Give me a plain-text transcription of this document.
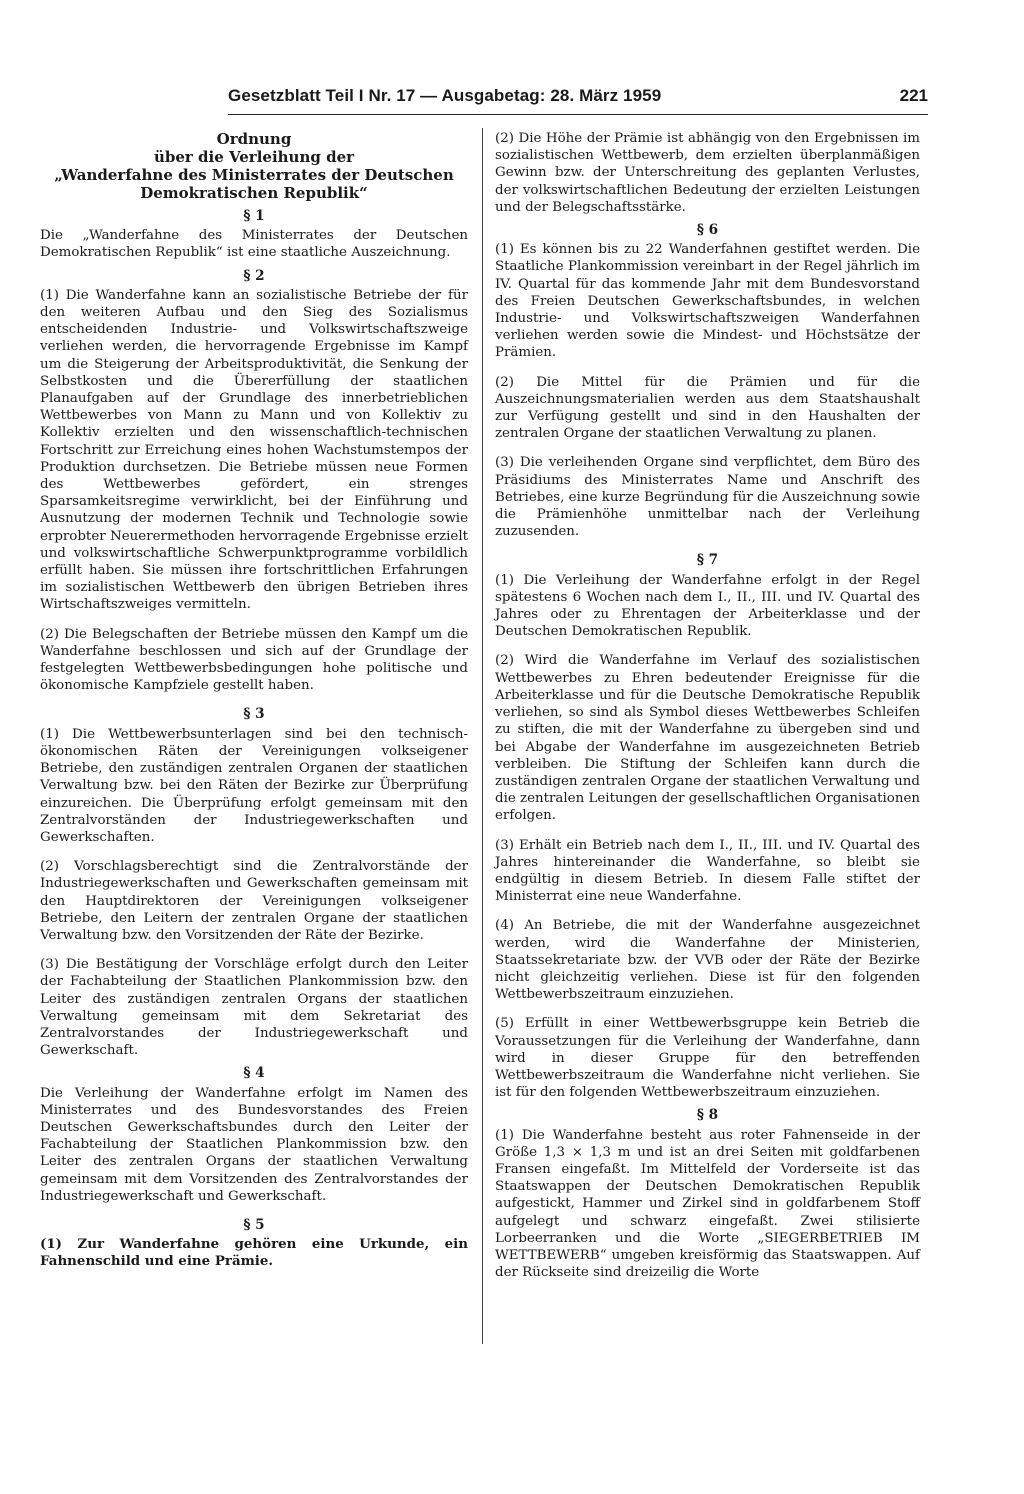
Gesetzblatt Teil I Nr. 17 — Ausgabetag: 28. März 1959	221
Ordnung
über die Verleihung der
„Wanderfahne des Ministerrates der Deutschen
Demokratischen Republik“
§ 1

Die „Wanderfahne des Ministerrates der Deutschen Demokratischen Republik“ ist eine staatliche Auszeichnung.

§ 2

(1) Die Wanderfahne kann an sozialistische Betriebe der für den weiteren Aufbau und den Sieg des Sozialismus entscheidenden Industrie- und Volkswirtschaftszweige verliehen werden, die hervorragende Ergebnisse im Kampf um die Steigerung der Arbeitsproduktivität, die Senkung der Selbstkosten und die Übererfüllung der staatlichen Planaufgaben auf der Grundlage des innerbetrieblichen Wettbewerbes von Mann zu Mann und von Kollektiv zu Kollektiv erzielten und den wissenschaftlich-technischen Fortschritt zur Erreichung eines hohen Wachstumstempos der Produktion durchsetzen. Die Betriebe müssen neue Formen des Wettbewerbes gefördert, ein strenges Sparsamkeitsregime verwirklicht, bei der Einführung und Ausnutzung der modernen Technik und Technologie sowie erprobter Neuerermethoden hervorragende Ergebnisse erzielt und volkswirtschaftliche Schwerpunktprogramme vorbildlich erfüllt haben. Sie müssen ihre fortschrittlichen Erfahrungen im sozialistischen Wettbewerb den übrigen Betrieben ihres Wirtschaftszweiges vermitteln.

(2) Die Belegschaften der Betriebe müssen den Kampf um die Wanderfahne beschlossen und sich auf der Grundlage der festgelegten Wettbewerbsbedingungen hohe politische und ökonomische Kampfziele gestellt haben.

§ 3

(1) Die Wettbewerbsunterlagen sind bei den technisch-ökonomischen Räten der Vereinigungen volkseigener Betriebe, den zuständigen zentralen Organen der staatlichen Verwaltung bzw. bei den Räten der Bezirke zur Überprüfung einzureichen. Die Überprüfung erfolgt gemeinsam mit den Zentralvorständen der Industriegewerkschaften und Gewerkschaften.

(2) Vorschlagsberechtigt sind die Zentralvorstände der Industriegewerkschaften und Gewerkschaften gemeinsam mit den Hauptdirektoren der Vereinigungen volkseigener Betriebe, den Leitern der zentralen Organe der staatlichen Verwaltung bzw. den Vorsitzenden der Räte der Bezirke.

(3) Die Bestätigung der Vorschläge erfolgt durch den Leiter der Fachabteilung der Staatlichen Plankommission bzw. den Leiter des zuständigen zentralen Organs der staatlichen Verwaltung gemeinsam mit dem Sekretariat des Zentralvorstandes der Industriegewerkschaft und Gewerkschaft.

§ 4

Die Verleihung der Wanderfahne erfolgt im Namen des Ministerrates und des Bundesvorstandes des Freien Deutschen Gewerkschaftsbundes durch den Leiter der Fachabteilung der Staatlichen Plankommission bzw. den Leiter des zentralen Organs der staatlichen Verwaltung gemeinsam mit dem Vorsitzenden des Zentralvorstandes der Industriegewerkschaft und Gewerkschaft.

§ 5

(1) Zur Wanderfahne gehören eine Urkunde, ein Fahnenschild und eine Prämie.

(2) Die Höhe der Prämie ist abhängig von den Ergebnissen im sozialistischen Wettbewerb, dem erzielten überplanmäßigen Gewinn bzw. der Unterschreitung des geplanten Verlustes, der volkswirtschaftlichen Bedeutung der erzielten Leistungen und der Belegschaftsstärke.

§ 6

(1) Es können bis zu 22 Wanderfahnen gestiftet werden. Die Staatliche Plankommission vereinbart in der Regel jährlich im IV. Quartal für das kommende Jahr mit dem Bundesvorstand des Freien Deutschen Gewerkschaftsbundes, in welchen Industrie- und Volkswirtschaftszweigen Wanderfahnen verliehen werden sowie die Mindest- und Höchstsätze der Prämien.

(2) Die Mittel für die Prämien und für die Auszeichnungsmaterialien werden aus dem Staatshaushalt zur Verfügung gestellt und sind in den Haushalten der zentralen Organe der staatlichen Verwaltung zu planen.

(3) Die verleihenden Organe sind verpflichtet, dem Büro des Präsidiums des Ministerrates Name und Anschrift des Betriebes, eine kurze Begründung für die Auszeichnung sowie die Prämienhöhe unmittelbar nach der Verleihung zuzusenden.

§ 7

(1) Die Verleihung der Wanderfahne erfolgt in der Regel spätestens 6 Wochen nach dem I., II., III. und IV. Quartal des Jahres oder zu Ehrentagen der Arbeiterklasse und der Deutschen Demokratischen Republik.

(2) Wird die Wanderfahne im Verlauf des sozialistischen Wettbewerbes zu Ehren bedeutender Ereignisse für die Arbeiterklasse und für die Deutsche Demokratische Republik verliehen, so sind als Symbol dieses Wettbewerbes Schleifen zu stiften, die mit der Wanderfahne zu übergeben sind und bei Abgabe der Wanderfahne im ausgezeichneten Betrieb verbleiben. Die Stiftung der Schleifen kann durch die zuständigen zentralen Organe der staatlichen Verwaltung und die zentralen Leitungen der gesellschaftlichen Organisationen erfolgen.

(3) Erhält ein Betrieb nach dem I., II., III. und IV. Quartal des Jahres hintereinander die Wanderfahne, so bleibt sie endgültig in diesem Betrieb. In diesem Falle stiftet der Ministerrat eine neue Wanderfahne.

(4) An Betriebe, die mit der Wanderfahne ausgezeichnet werden, wird die Wanderfahne der Ministerien, Staatssekretariate bzw. der VVB oder der Räte der Bezirke nicht gleichzeitig verliehen. Diese ist für den folgenden Wettbewerbszeitraum einzuziehen.

(5) Erfüllt in einer Wettbewerbsgruppe kein Betrieb die Voraussetzungen für die Verleihung der Wanderfahne, dann wird in dieser Gruppe für den betreffenden Wettbewerbszeitraum die Wanderfahne nicht verliehen. Sie ist für den folgenden Wettbewerbszeitraum einzuziehen.

§ 8

(1) Die Wanderfahne besteht aus roter Fahnenseide in der Größe 1,3 × 1,3 m und ist an drei Seiten mit goldfarbenen Fransen eingefaßt. Im Mittelfeld der Vorderseite ist das Staatswappen der Deutschen Demokratischen Republik aufgestickt, Hammer und Zirkel sind in goldfarbenem Stoff aufgelegt und schwarz eingefaßt. Zwei stilisierte Lorbeerranken und die Worte „SIEGERBETRIEB IM WETTBEWERB“ umgeben kreisförmig das Staatswappen. Auf der Rückseite sind dreizeilig die Worte
